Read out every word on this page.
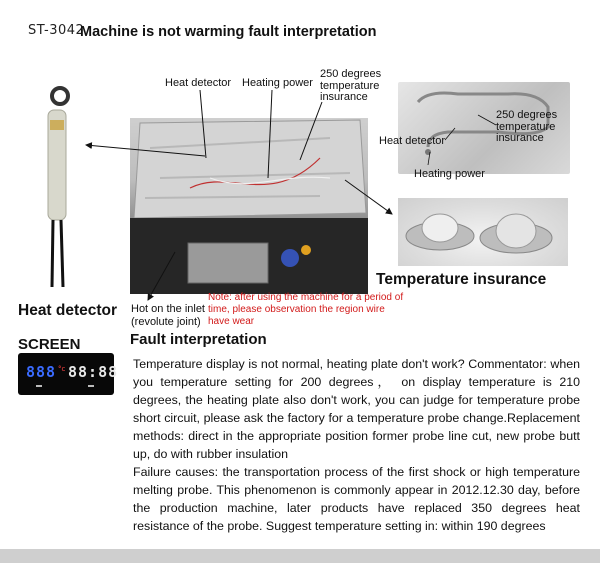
ST-3042
Machine is not warming fault interpretation
Heat detector Heating power
250 degrees temperature insurance
Heat detector
250 degrees temperature insurance
Heating power
Temperature insurance
Heat detector Hot on the inlet (revolute joint)
Note: after using the machine for a period of time, please observation the region wire have wear
SCREEN
888 °c 88:88
Fault interpretation
Temperature display is not normal, heating plate don't work? Commentator: when you temperature setting for 200 degrees， on display temperature is 210 degrees, the heating plate also don't work, you can judge for temperature probe short circuit, please ask the factory for a temperature probe change.Replacement methods: direct in the appropriate position former probe line cut, new probe butt up, do with rubber insulation
Failure causes: the transportation process of the first shock or high temperature melting probe. This phenomenon is commonly appear in 2012.12.30 day, before the production machine, later products have replaced 350 degrees heat resistance of the probe. Suggest temperature setting in: within 190 degrees
